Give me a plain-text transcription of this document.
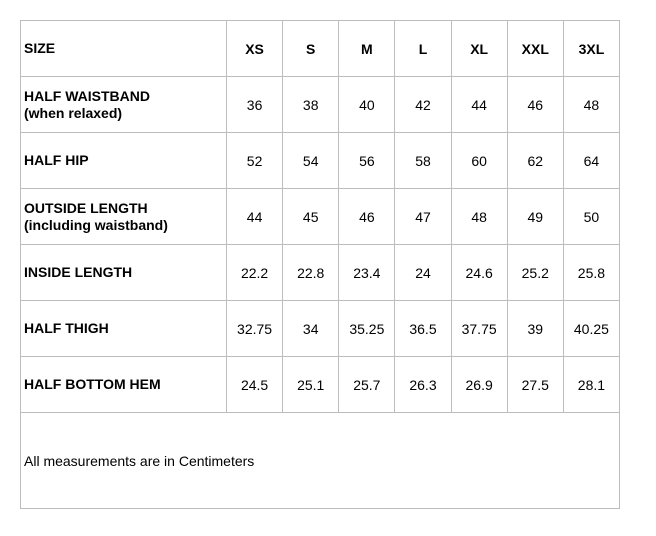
SIZE	XS	S	M	L	XL	XXL	3XL
HALF WAISTBAND
(when relaxed)	36	38	40	42	44	46	48
HALF HIP	52	54	56	58	60	62	64
OUTSIDE LENGTH
(including waistband)	44	45	46	47	48	49	50
INSIDE LENGTH	22.2	22.8	23.4	24	24.6	25.2	25.8
HALF THIGH	32.75	34	35.25	36.5	37.75	39	40.25
HALF BOTTOM HEM	24.5	25.1	25.7	26.3	26.9	27.5	28.1
All measurements are in Centimeters							
